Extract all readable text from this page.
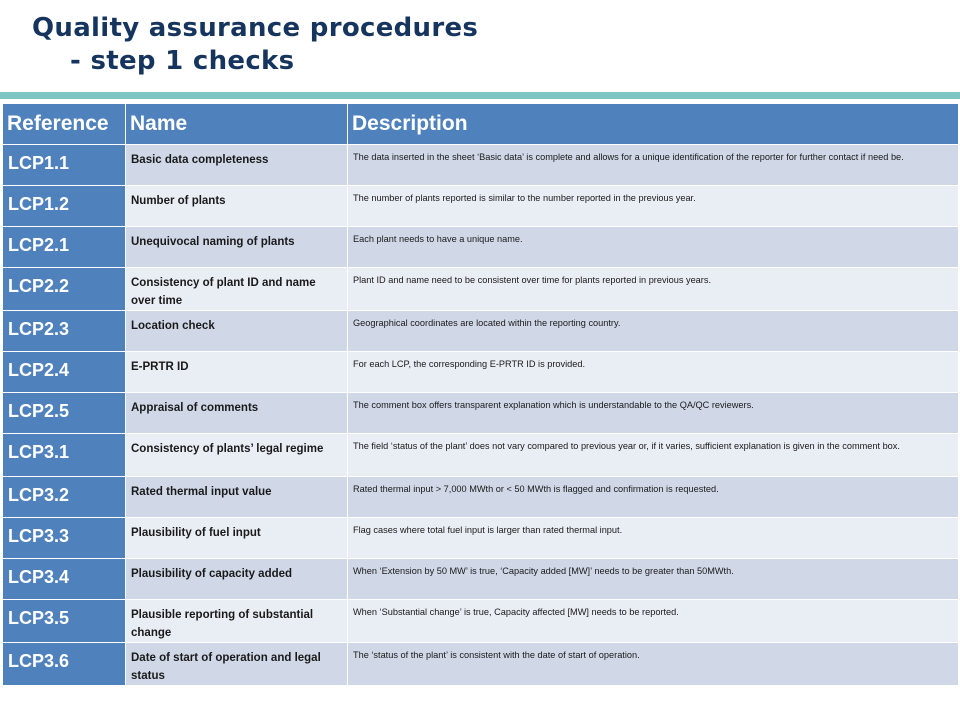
Quality assurance procedures
- step 1 checks
Reference	Name	Description
LCP1.1	Basic data completeness	The data inserted in the sheet ‘Basic data’ is complete and allows for a unique identification of the reporter for further contact if need be.
LCP1.2	Number of plants	The number of plants reported is similar to the number reported in the previous year.
LCP2.1	Unequivocal naming of plants	Each plant needs to have a unique name.
LCP2.2	Consistency of plant ID and name over time	Plant ID and name need to be consistent over time for plants reported in previous years.
LCP2.3	Location check	Geographical coordinates are located within the reporting country.
LCP2.4	E-PRTR ID	For each LCP, the corresponding E-PRTR ID is provided.
LCP2.5	Appraisal of comments	The comment box offers transparent explanation which is understandable to the QA/QC reviewers.
LCP3.1	Consistency of plants’ legal regime	The field ‘status of the plant’ does not vary compared to previous year or, if it varies, sufficient explanation is given in the comment box.
LCP3.2	Rated thermal input value	Rated thermal input > 7,000 MWth or < 50 MWth is flagged and confirmation is requested.
LCP3.3	Plausibility of fuel input	Flag cases where total fuel input is larger than rated thermal input.
LCP3.4	Plausibility of capacity added	When ‘Extension by 50 MW’ is true, ‘Capacity added [MW]’ needs to be greater than 50MWth.
LCP3.5	Plausible reporting of substantial change	When ‘Substantial change’ is true, Capacity affected [MW] needs to be reported.
LCP3.6	Date of start of operation and legal status	The ‘status of the plant’ is consistent with the date of start of operation.
